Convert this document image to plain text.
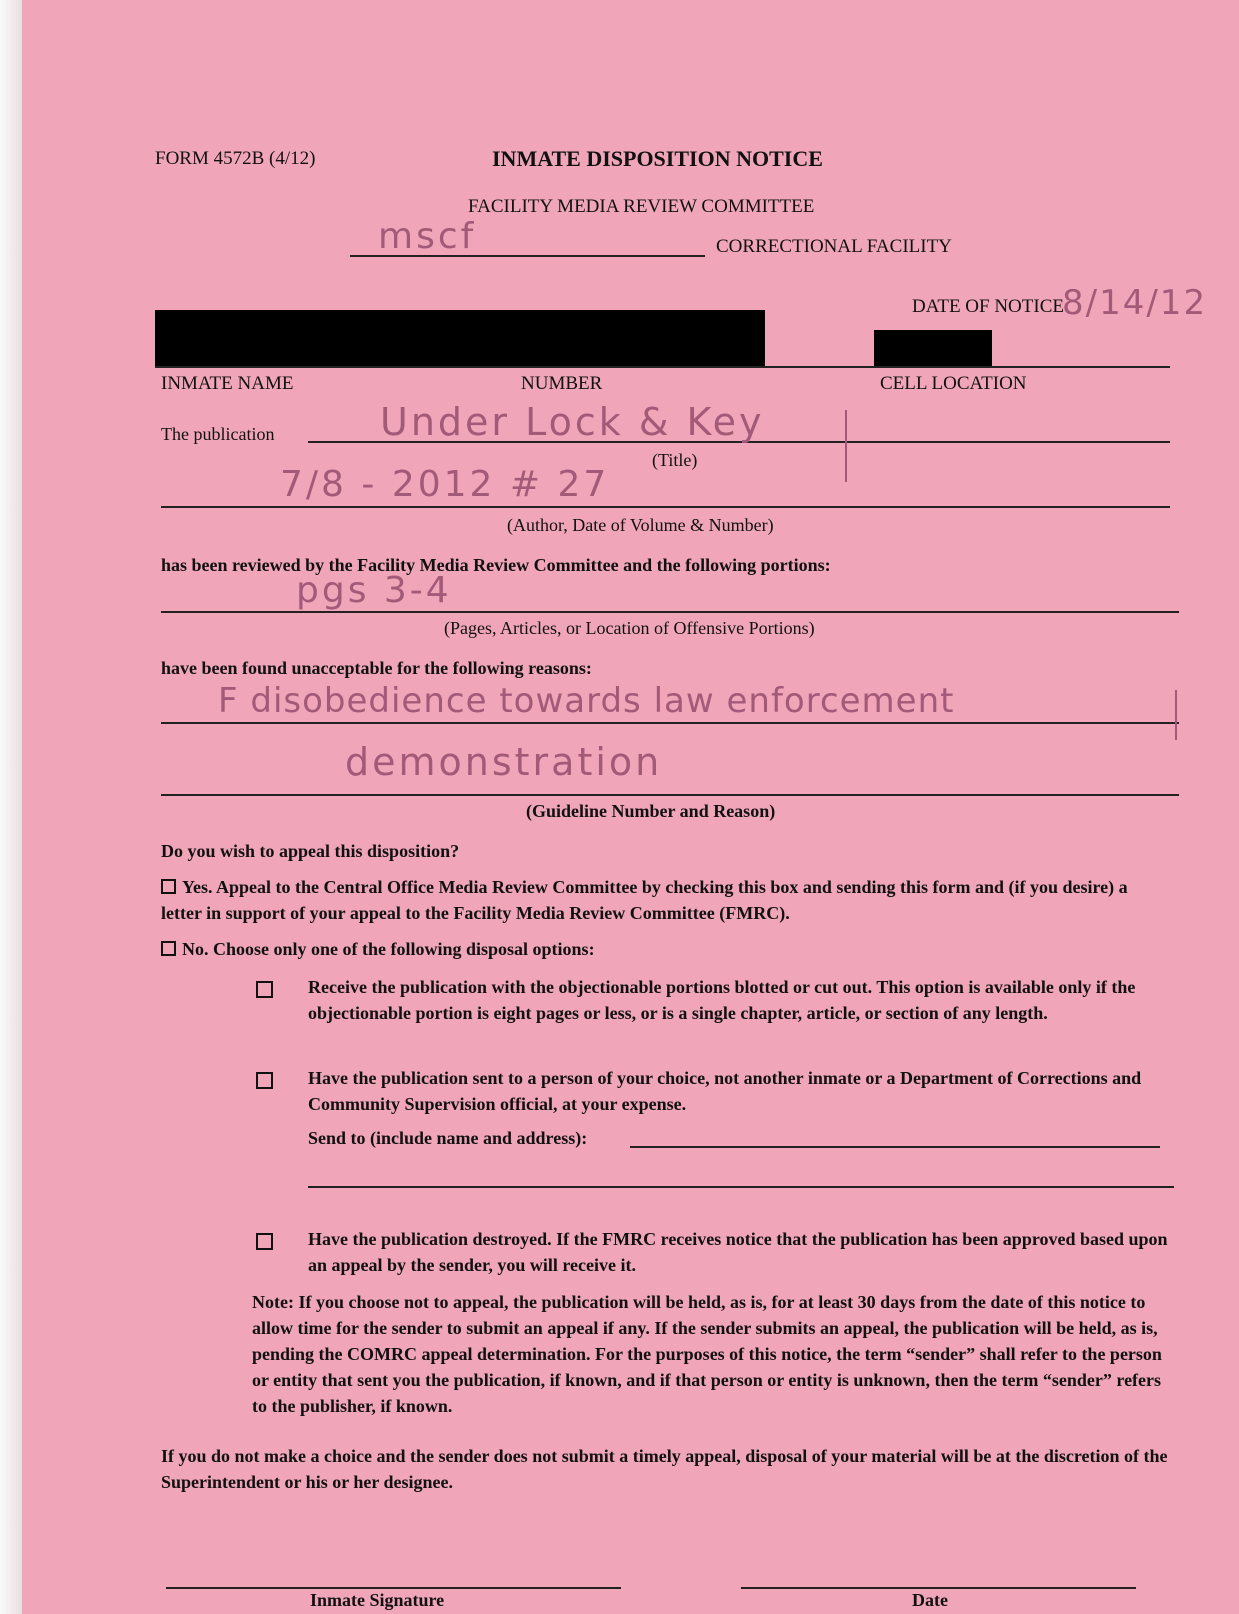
FORM 4572B (4/12)	INMATE DISPOSITION NOTICE
FACILITY MEDIA REVIEW COMMITTEE
mscf	CORRECTIONAL FACILITY
DATE OF NOTICE:
8/14/12
INMATE NAME	NUMBER	CELL LOCATION
The publication	Under Lock & Key
(Title)
7/8 - 2012 # 27
(Author, Date of Volume & Number)
has been reviewed by the Facility Media Review Committee and the following portions:
pgs 3-4
(Pages, Articles, or Location of Offensive Portions)
have been found unacceptable for the following reasons:
F disobedience towards law enforcement
demonstration
(Guideline Number and Reason)
Do you wish to appeal this disposition?
Yes. Appeal to the Central Office Media Review Committee by checking this box and sending this form and (if you desire) a letter in support of your appeal to the Facility Media Review Committee (FMRC).
No. Choose only one of the following disposal options:
Receive the publication with the objectionable portions blotted or cut out. This option is available only if the objectionable portion is eight pages or less, or is a single chapter, article, or section of any length.
Have the publication sent to a person of your choice, not another inmate or a Department of Corrections and Community Supervision official, at your expense.
Send to (include name and address):
Have the publication destroyed. If the FMRC receives notice that the publication has been approved based upon an appeal by the sender, you will receive it.
Note: If you choose not to appeal, the publication will be held, as is, for at least 30 days from the date of this notice to allow time for the sender to submit an appeal if any. If the sender submits an appeal, the publication will be held, as is, pending the COMRC appeal determination. For the purposes of this notice, the term “sender” shall refer to the person or entity that sent you the publication, if known, and if that person or entity is unknown, then the term “sender” refers to the publisher, if known.
If you do not make a choice and the sender does not submit a timely appeal, disposal of your material will be at the discretion of the Superintendent or his or her designee.
Inmate Signature	Date
